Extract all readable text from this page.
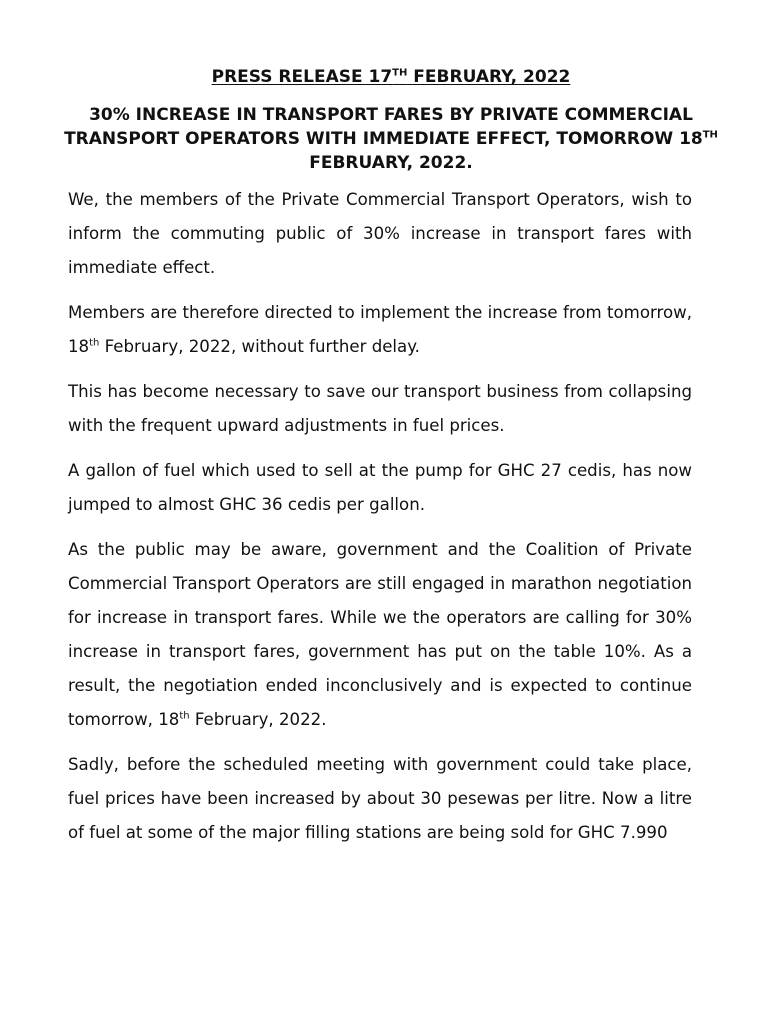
PRESS RELEASE 17TH FEBRUARY, 2022
30% INCREASE IN TRANSPORT FARES BY PRIVATE COMMERCIAL TRANSPORT OPERATORS WITH IMMEDIATE EFFECT, TOMORROW 18TH FEBRUARY, 2022.

We, the members of the Private Commercial Transport Operators, wish to inform the commuting public of 30% increase in transport fares with immediate effect.

Members are therefore directed to implement the increase from tomorrow, 18th February, 2022, without further delay.

This has become necessary to save our transport business from collapsing with the frequent upward adjustments in fuel prices.

A gallon of fuel which used to sell at the pump for GHC 27 cedis, has now jumped to almost GHC 36 cedis per gallon.

As the public may be aware, government and the Coalition of Private Commercial Transport Operators are still engaged in marathon negotiation for increase in transport fares. While we the operators are calling for 30% increase in transport fares, government has put on the table 10%. As a result, the negotiation ended inconclusively and is expected to continue tomorrow, 18th February, 2022.

Sadly, before the scheduled meeting with government could take place, fuel prices have been increased by about 30 pesewas per litre. Now a litre of fuel at some of the major filling stations are being sold for GHC 7.990
